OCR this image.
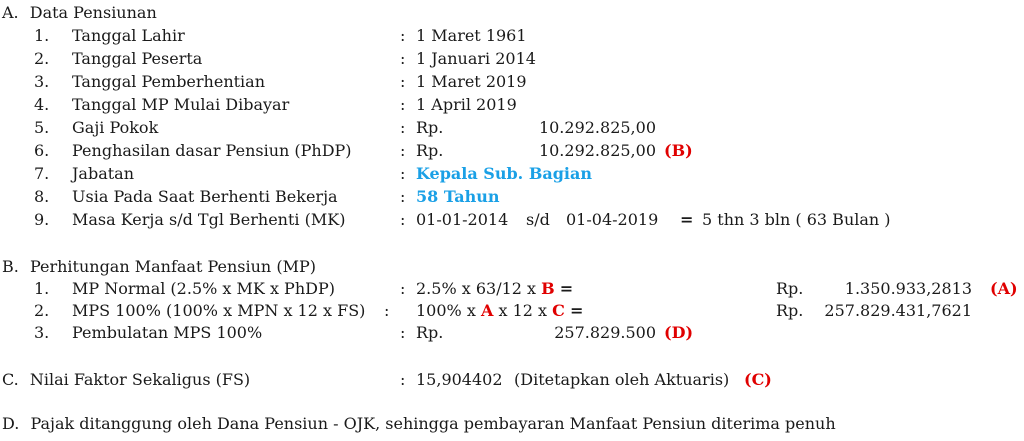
A. Data Pensiunan
1. Tanggal Lahir	: 1 Maret 1961
2. Tanggal Peserta	: 1 Januari 2014
3. Tanggal Pemberhentian	: 1 Maret 2019
4. Tanggal MP Mulai Dibayar	: 1 April 2019
5. Gaji Pokok	: Rp.	10.292.825,00
6. Penghasilan dasar Pensiun (PhDP)	: Rp.	10.292.825,00 (B)
7. Jabatan	: Kepala Sub. Bagian
8. Usia Pada Saat Berhenti Bekerja	: 58 Tahun
9. Masa Kerja s/d Tgl Berhenti (MK)	: 01-01-2014 s/d 01-04-2019 = 5 thn 3 bln ( 63 Bulan )
B. Perhitungan Manfaat Pensiun (MP)
1. MP Normal (2.5% x MK x PhDP)	: 2.5% x 63/12 x B =	Rp.	1.350.933,2813 (A)
2. MPS 100% (100% x MPN x 12 x FS) : 100% x A x 12 x C =	Rp.	257.829.431,7621
3. Pembulatan MPS 100%	: Rp.	257.829.500 (D)
C. Nilai Faktor Sekaligus (FS)	: 15,904402 (Ditetapkan oleh Aktuaris) (C)
D. Pajak ditanggung oleh Dana Pensiun - OJK, sehingga pembayaran Manfaat Pensiun diterima penuh
